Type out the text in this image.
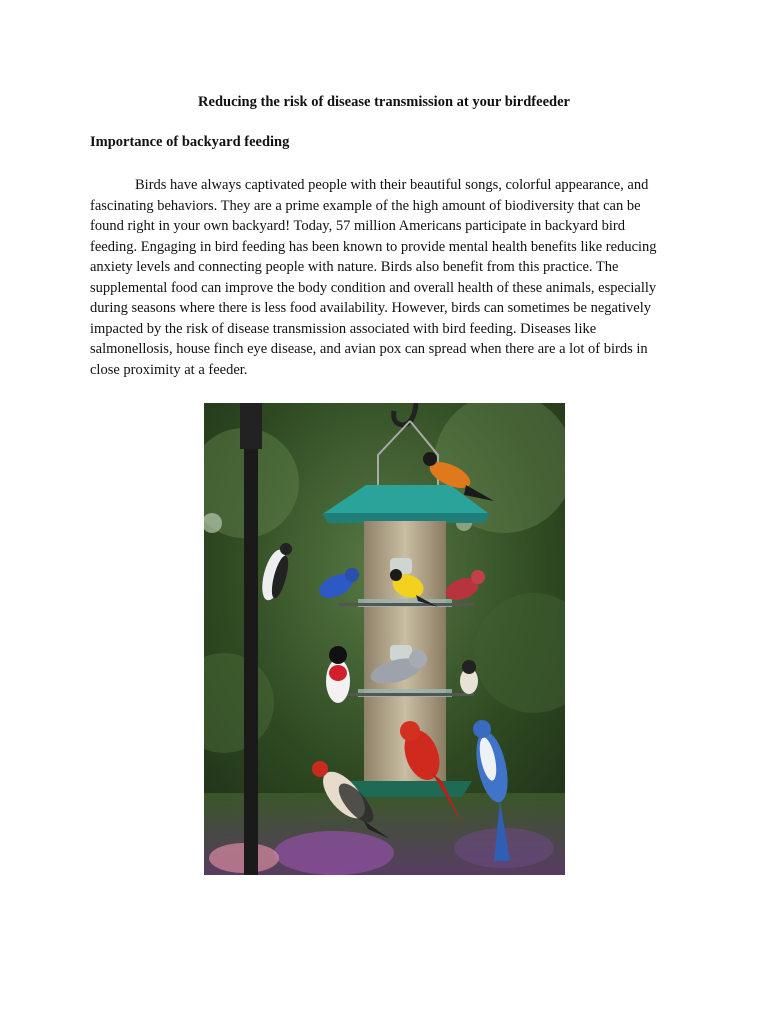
Reducing the risk of disease transmission at your birdfeeder
Importance of backyard feeding

Birds have always captivated people with their beautiful songs, colorful appearance, and fascinating behaviors. They are a prime example of the high amount of biodiversity that can be found right in your own backyard! Today, 57 million Americans participate in backyard bird feeding. Engaging in bird feeding has been known to provide mental health benefits like reducing anxiety levels and connecting people with nature. Birds also benefit from this practice. The supplemental food can improve the body condition and overall health of these animals, especially during seasons where there is less food availability. However, birds can sometimes be negatively impacted by the risk of disease transmission associated with bird feeding. Diseases like salmonellosis, house finch eye disease, and avian pox can spread when there are a lot of birds in close proximity at a feeder.
